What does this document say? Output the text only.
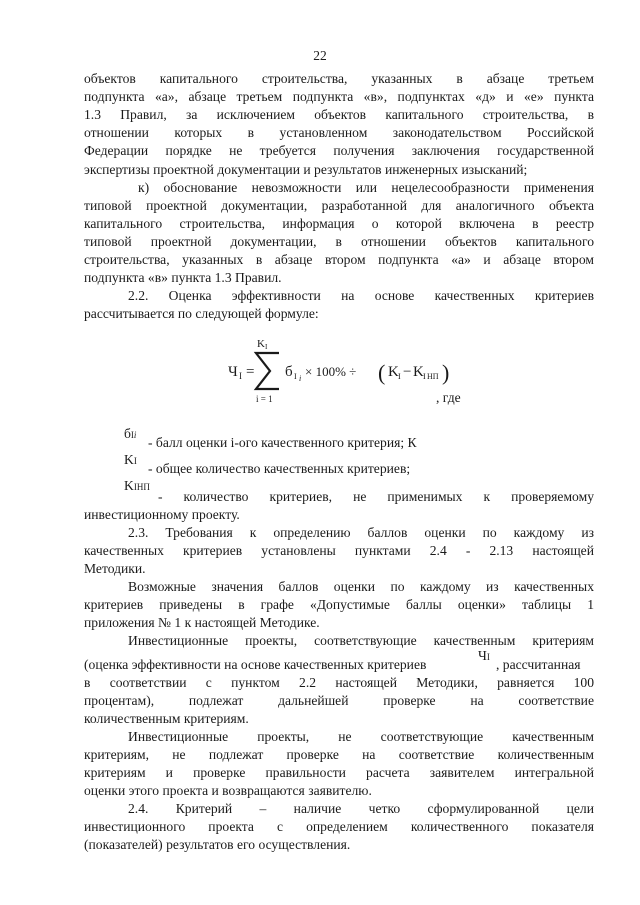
22
объектов капитального строительства, указанных в абзаце третьем
подпункта «а», абзаце третьем подпункта «в», подпунктах «д» и «е» пункта
1.3 Правил, за исключением объектов капитального строительства, в
отношении которых в установленном законодательством Российской
Федерации порядке не требуется получения заключения государственной
экспертизы проектной документации и результатов инженерных изысканий;
к) обоснование невозможности или нецелесообразности применения
типовой проектной документации, разработанной для аналогичного объекта
капитального строительства, информация о которой включена в реестр
типовой проектной документации, в отношении объектов капитального
строительства, указанных в абзаце втором подпункта «а» и абзаце втором
подпункта «в» пункта 1.3 Правил.
2.2. Оценка эффективности на основе качественных критериев
рассчитывается по следующей формуле:
Ч I =
K I
i = 1
б I i × 100% ÷ ( K I − K I НП )
, где
бIi - балл оценки i-ого качественного критерия; К
KI - общее количество качественных критериев;
KIНП
- количество критериев, не применимых к проверяемому
инвестиционному проекту.
2.3. Требования к определению баллов оценки по каждому из
качественных критериев установлены пунктами 2.4 - 2.13 настоящей
Методики.
Возможные значения баллов оценки по каждому из качественных
критериев приведены в графе «Допустимые баллы оценки» таблицы 1
приложения № 1 к настоящей Методике.
Инвестиционные проекты, соответствующие качественным критериям
(оценка эффективности на основе качественных критериев
ЧI , рассчитанная
в соответствии с пунктом 2.2 настоящей Методики, равняется 100
процентам), подлежат дальнейшей проверке на соответствие
количественным критериям.
Инвестиционные проекты, не соответствующие качественным
критериям, не подлежат проверке на соответствие количественным
критериям и проверке правильности расчета заявителем интегральной
оценки этого проекта и возвращаются заявителю.
2.4. Критерий – наличие четко сформулированной цели
инвестиционного проекта с определением количественного показателя
(показателей) результатов его осуществления.
